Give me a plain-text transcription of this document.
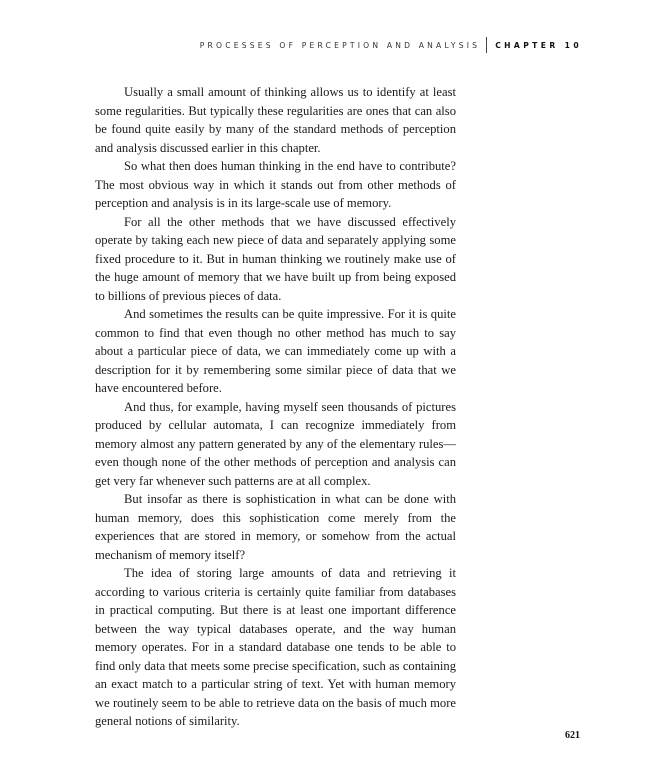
PROCESSES OF PERCEPTION AND ANALYSIS CHAPTER 10

Usually a small amount of thinking allows us to identify at least some regularities. But typically these regularities are ones that can also be found quite easily by many of the standard methods of perception and analysis discussed earlier in this chapter.

So what then does human thinking in the end have to contribute? The most obvious way in which it stands out from other methods of perception and analysis is in its large-scale use of memory.

For all the other methods that we have discussed effectively operate by taking each new piece of data and separately applying some fixed procedure to it. But in human thinking we routinely make use of the huge amount of memory that we have built up from being exposed to billions of previous pieces of data.

And sometimes the results can be quite impressive. For it is quite common to find that even though no other method has much to say about a particular piece of data, we can immediately come up with a description for it by remembering some similar piece of data that we have encountered before.

And thus, for example, having myself seen thousands of pictures produced by cellular automata, I can recognize immediately from memory almost any pattern generated by any of the elementary rules—even though none of the other methods of perception and analysis can get very far whenever such patterns are at all complex.

But insofar as there is sophistication in what can be done with human memory, does this sophistication come merely from the experiences that are stored in memory, or somehow from the actual mechanism of memory itself?

The idea of storing large amounts of data and retrieving it according to various criteria is certainly quite familiar from databases in practical computing. But there is at least one important difference between the way typical databases operate, and the way human memory operates. For in a standard database one tends to be able to find only data that meets some precise specification, such as containing an exact match to a particular string of text. Yet with human memory we routinely seem to be able to retrieve data on the basis of much more general notions of similarity.

621
